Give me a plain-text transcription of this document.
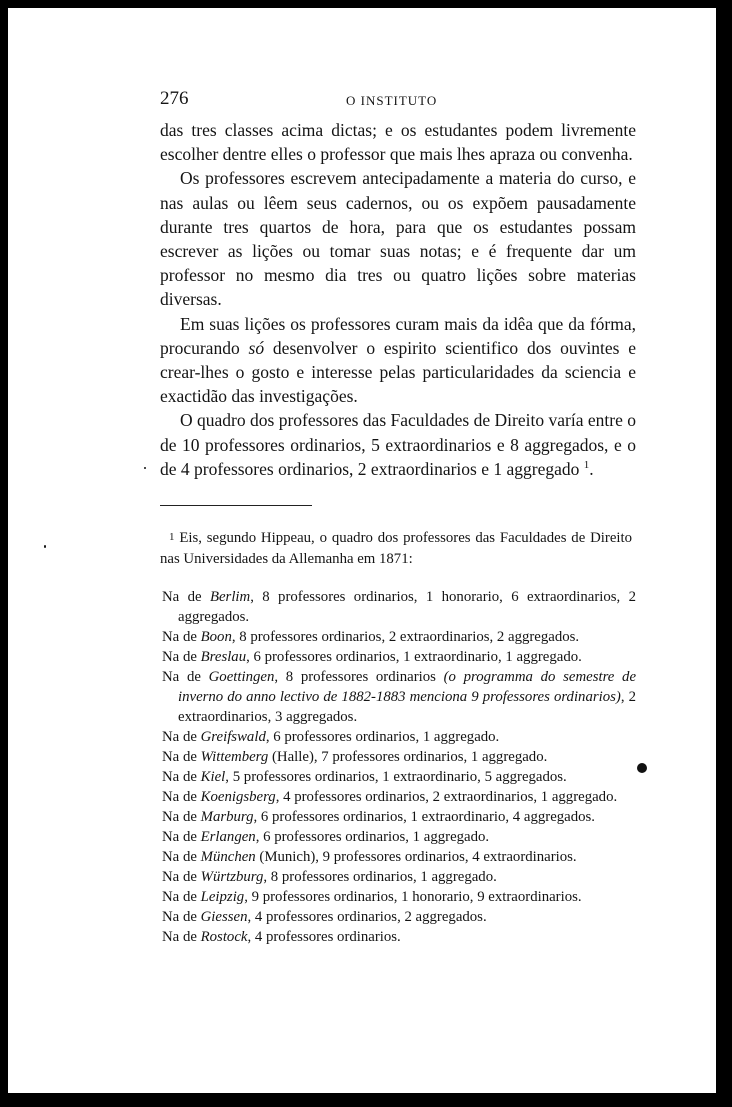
276	O INSTITUTO

das tres classes acima dictas; e os estudantes podem livremente escolher dentre elles o professor que mais lhes apraza ou convenha.

Os professores escrevem antecipadamente a materia do curso, e nas aulas ou lêem seus cadernos, ou os expõem pausadamente durante tres quartos de hora, para que os estudantes possam escrever as lições ou tomar suas notas; e é frequente dar um professor no mesmo dia tres ou quatro lições sobre materias diversas.

Em suas lições os professores curam mais da idêa que da fórma, procurando só desenvolver o espirito scientifico dos ouvintes e crear-lhes o gosto e interesse pelas particularidades da sciencia e exactidão das investigações.

O quadro dos professores das Faculdades de Direito varía entre o de 10 professores ordinarios, 5 extraordinarios e 8 aggregados, e o de 4 professores ordinarios, 2 extraordinarios e 1 aggregado $^1$.

1 Eis, segundo Hippeau, o quadro dos professores das Faculdades de Direito nas Universidades da Allemanha em 1871:

Na de Berlim, 8 professores ordinarios, 1 honorario, 6 extraordinarios, 2 aggregados.
Na de Boon, 8 professores ordinarios, 2 extraordinarios, 2 aggregados.
Na de Breslau, 6 professores ordinarios, 1 extraordinario, 1 aggregado.
Na de Goettingen, 8 professores ordinarios (o programma do semestre de inverno do anno lectivo de 1882-1883 menciona 9 professores ordinarios), 2 extraordinarios, 3 aggregados.
Na de Greifswald, 6 professores ordinarios, 1 aggregado.
Na de Wittemberg (Halle), 7 professores ordinarios, 1 aggregado.
Na de Kiel, 5 professores ordinarios, 1 extraordinario, 5 aggregados.
Na de Koenigsberg, 4 professores ordinarios, 2 extraordinarios, 1 aggregado.
Na de Marburg, 6 professores ordinarios, 1 extraordinario, 4 aggregados.
Na de Erlangen, 6 professores ordinarios, 1 aggregado.
Na de München (Munich), 9 professores ordinarios, 4 extraordinarios.
Na de Würtzburg, 8 professores ordinarios, 1 aggregado.
Na de Leipzig, 9 professores ordinarios, 1 honorario, 9 extraordinarios.
Na de Giessen, 4 professores ordinarios, 2 aggregados.
Na de Rostock, 4 professores ordinarios.
